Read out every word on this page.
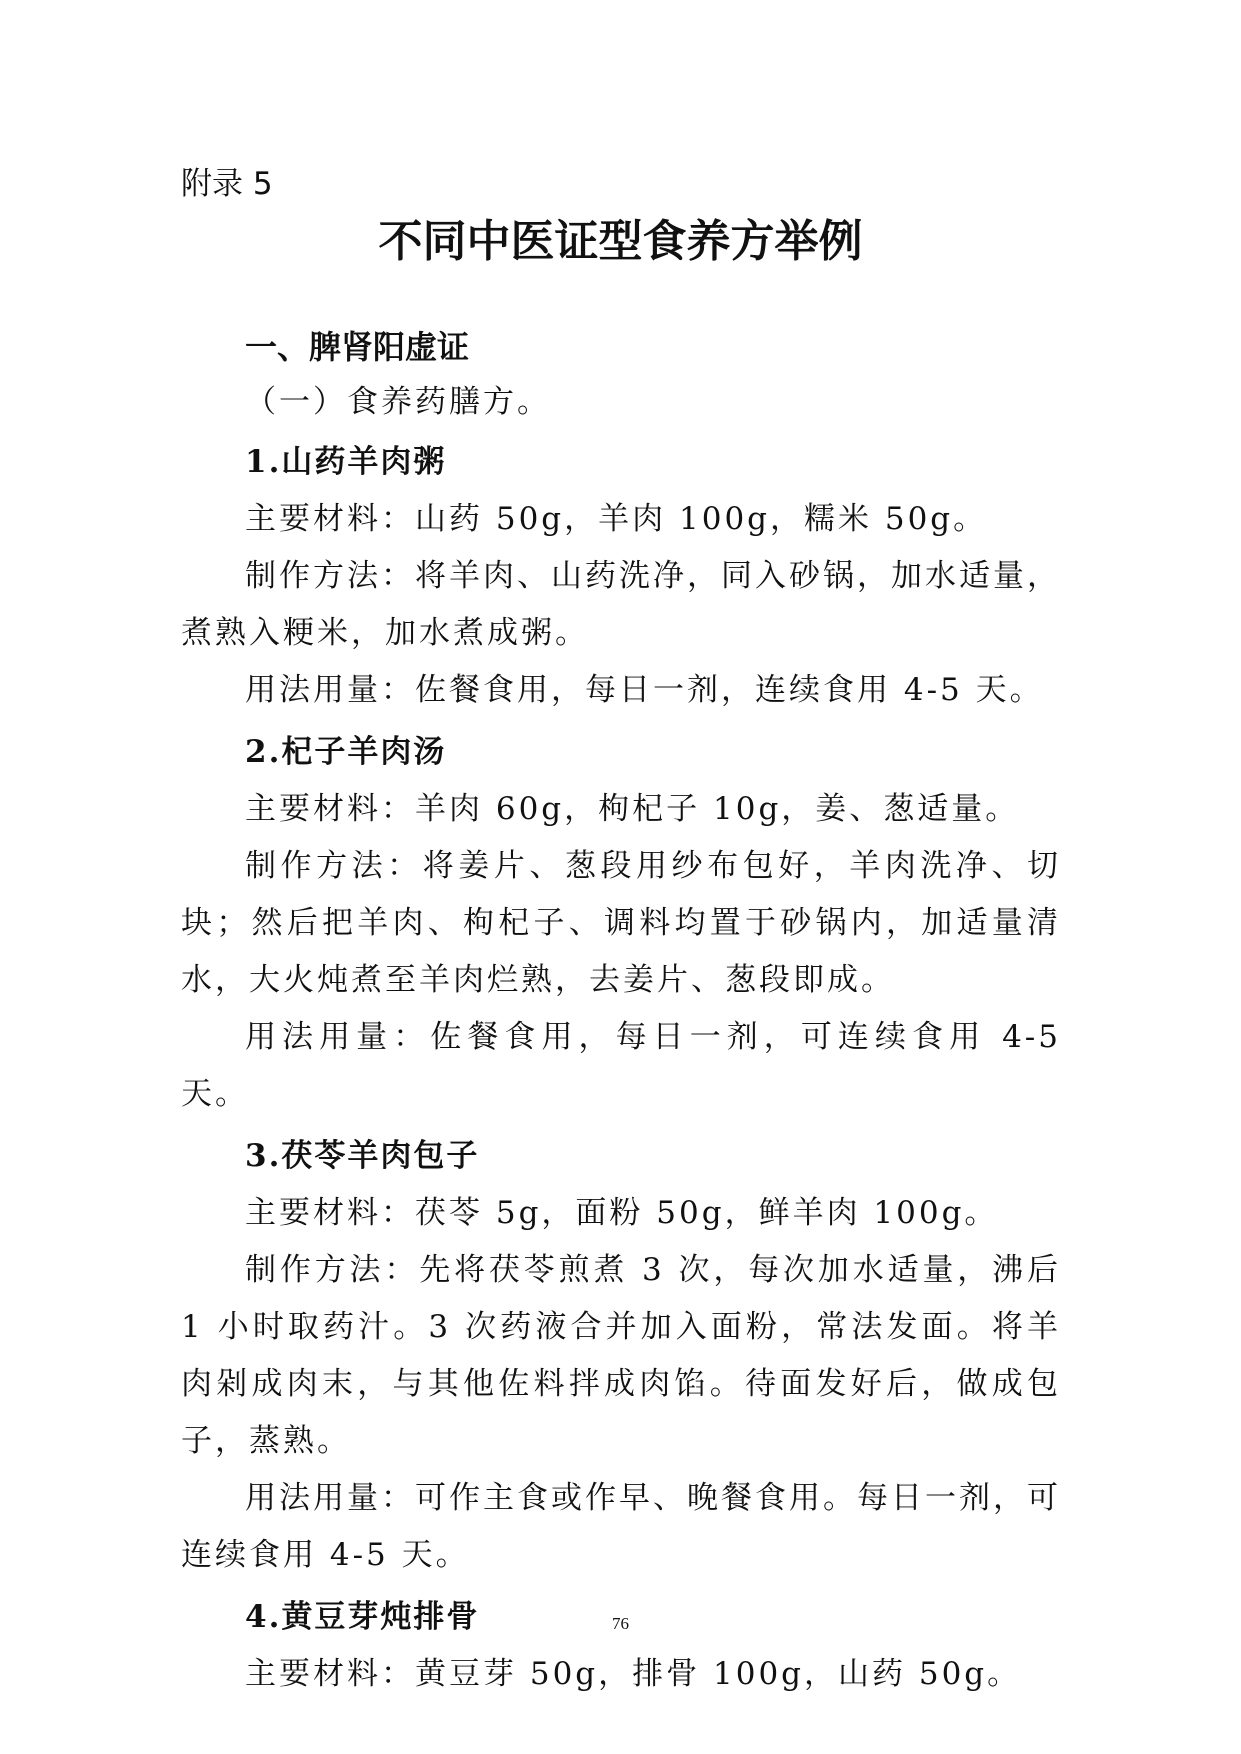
附录 5
不同中医证型食养方举例
一、脾肾阳虚证
（一）食养药膳方。
1.山药羊肉粥

主要材料：山药 50g，羊肉 100g，糯米 50g。

制作方法：将羊肉、山药洗净，同入砂锅，加水适量，煮熟入粳米，加水煮成粥。

用法用量：佐餐食用，每日一剂，连续食用 4-5 天。

2.杞子羊肉汤

主要材料：羊肉 60g，枸杞子 10g，姜、葱适量。

制作方法：将姜片、葱段用纱布包好，羊肉洗净、切块；然后把羊肉、枸杞子、调料均置于砂锅内，加适量清水，大火炖煮至羊肉烂熟，去姜片、葱段即成。

用法用量：佐餐食用，每日一剂，可连续食用 4-5 天。

3.茯苓羊肉包子

主要材料：茯苓 5g，面粉 50g，鲜羊肉 100g。

制作方法：先将茯苓煎煮 3 次，每次加水适量，沸后 1 小时取药汁。3 次药液合并加入面粉，常法发面。将羊肉剁成肉末，与其他佐料拌成肉馅。待面发好后，做成包子，蒸熟。

用法用量：可作主食或作早、晚餐食用。每日一剂，可连续食用 4-5 天。

4.黄豆芽炖排骨

主要材料：黄豆芽 50g，排骨 100g，山药 50g。

76
